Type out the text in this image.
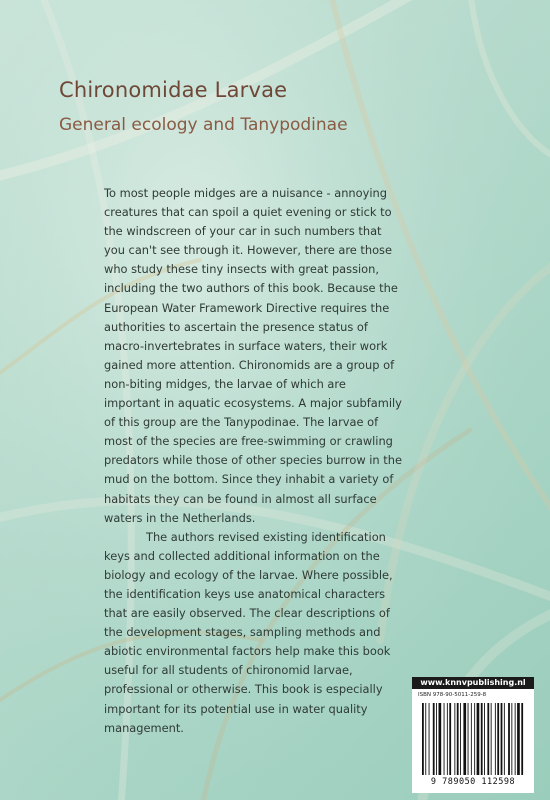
Chironomidae Larvae
General ecology and Tanypodinae

To most people midges are a nuisance - annoying creatures that can spoil a quiet evening or stick to the windscreen of your car in such numbers that you can't see through it. However, there are those who study these tiny insects with great passion, including the two authors of this book. Because the European Water Framework Directive requires the authorities to ascertain the presence status of macro-invertebrates in surface waters, their work gained more attention. Chironomids are a group of non-biting midges, the larvae of which are important in aquatic ecosystems. A major subfamily of this group are the Tanypodinae. The larvae of most of the species are free-swimming or crawling predators while those of other species burrow in the mud on the bottom. Since they inhabit a variety of habitats they can be found in almost all surface waters in the Netherlands.

The authors revised existing identification keys and collected additional information on the biology and ecology of the larvae. Where possible, the identification keys use anatomical characters that are easily observed. The clear descriptions of the development stages, sampling methods and abiotic environmental factors help make this book useful for all students of chironomid larvae, professional or otherwise. This book is especially important for its potential use in water quality management.

www.knnvpublishing.nl
ISBN 978-90-5011-259-8
9 789050 112598
